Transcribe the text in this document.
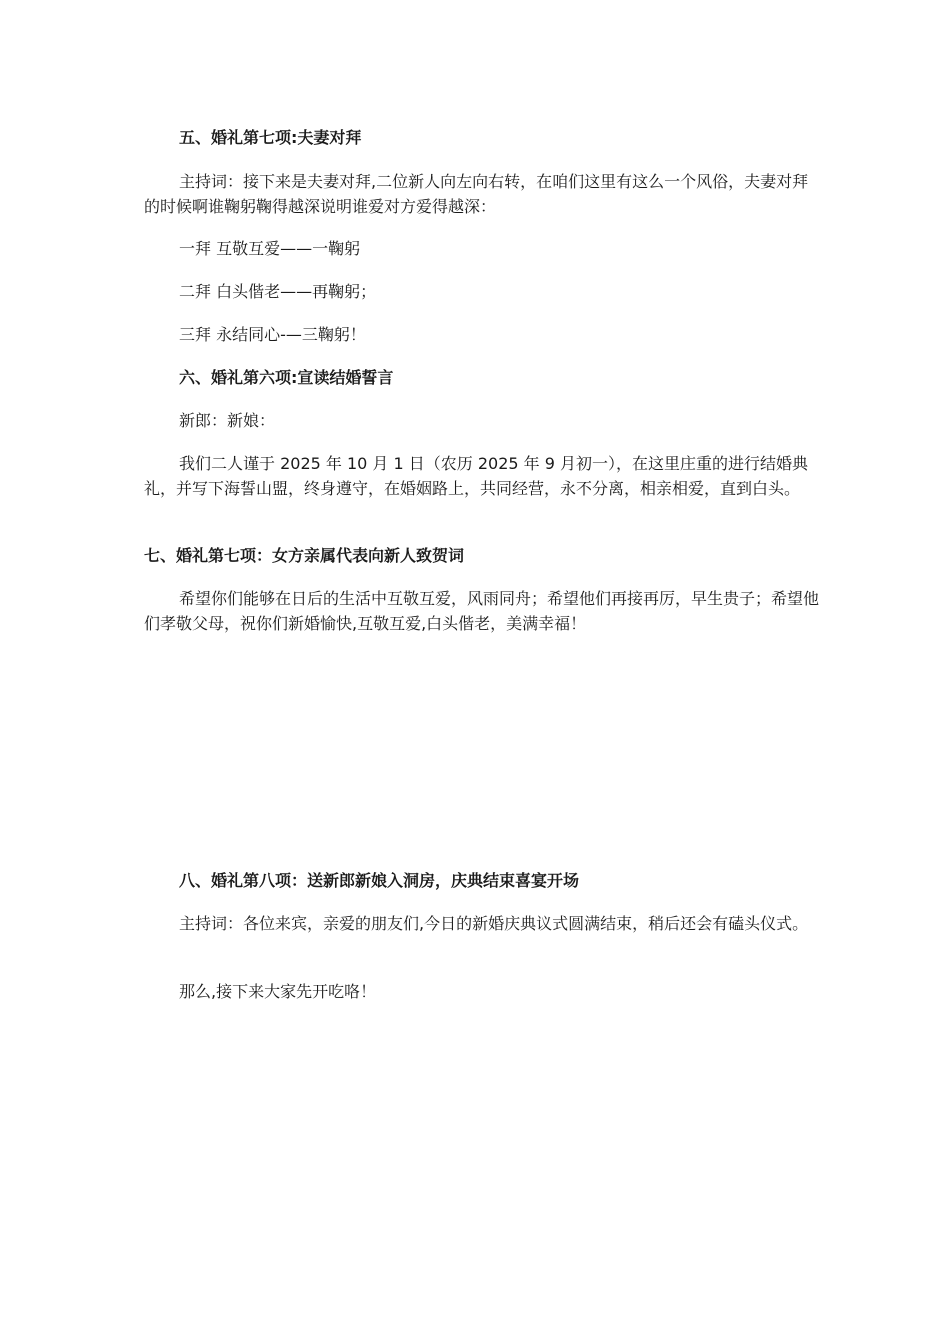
五、婚礼第七项:夫妻对拜

主持词：接下来是夫妻对拜,二位新人向左向右转，在咱们这里有这么一个风俗，夫妻对拜的时候啊谁鞠躬鞠得越深说明谁爱对方爱得越深：

一拜 互敬互爱——一鞠躬

二拜 白头偕老——再鞠躬；

三拜 永结同心-—三鞠躬！

六、婚礼第六项:宣读结婚誓言

新郎：新娘：

我们二人谨于 2025 年 10 月 1 日（农历 2025 年 9 月初一），在这里庄重的进行结婚典礼，并写下海誓山盟，终身遵守，在婚姻路上，共同经营，永不分离，相亲相爱，直到白头。

七、婚礼第七项：女方亲属代表向新人致贺词

希望你们能够在日后的生活中互敬互爱，风雨同舟；希望他们再接再厉，早生贵子；希望他们孝敬父母，祝你们新婚愉快,互敬互爱,白头偕老，美满幸福！

八、婚礼第八项：送新郎新娘入洞房，庆典结束喜宴开场

主持词：各位来宾，亲爱的朋友们,今日的新婚庆典议式圆满结束，稍后还会有磕头仪式。

那么,接下来大家先开吃咯！
